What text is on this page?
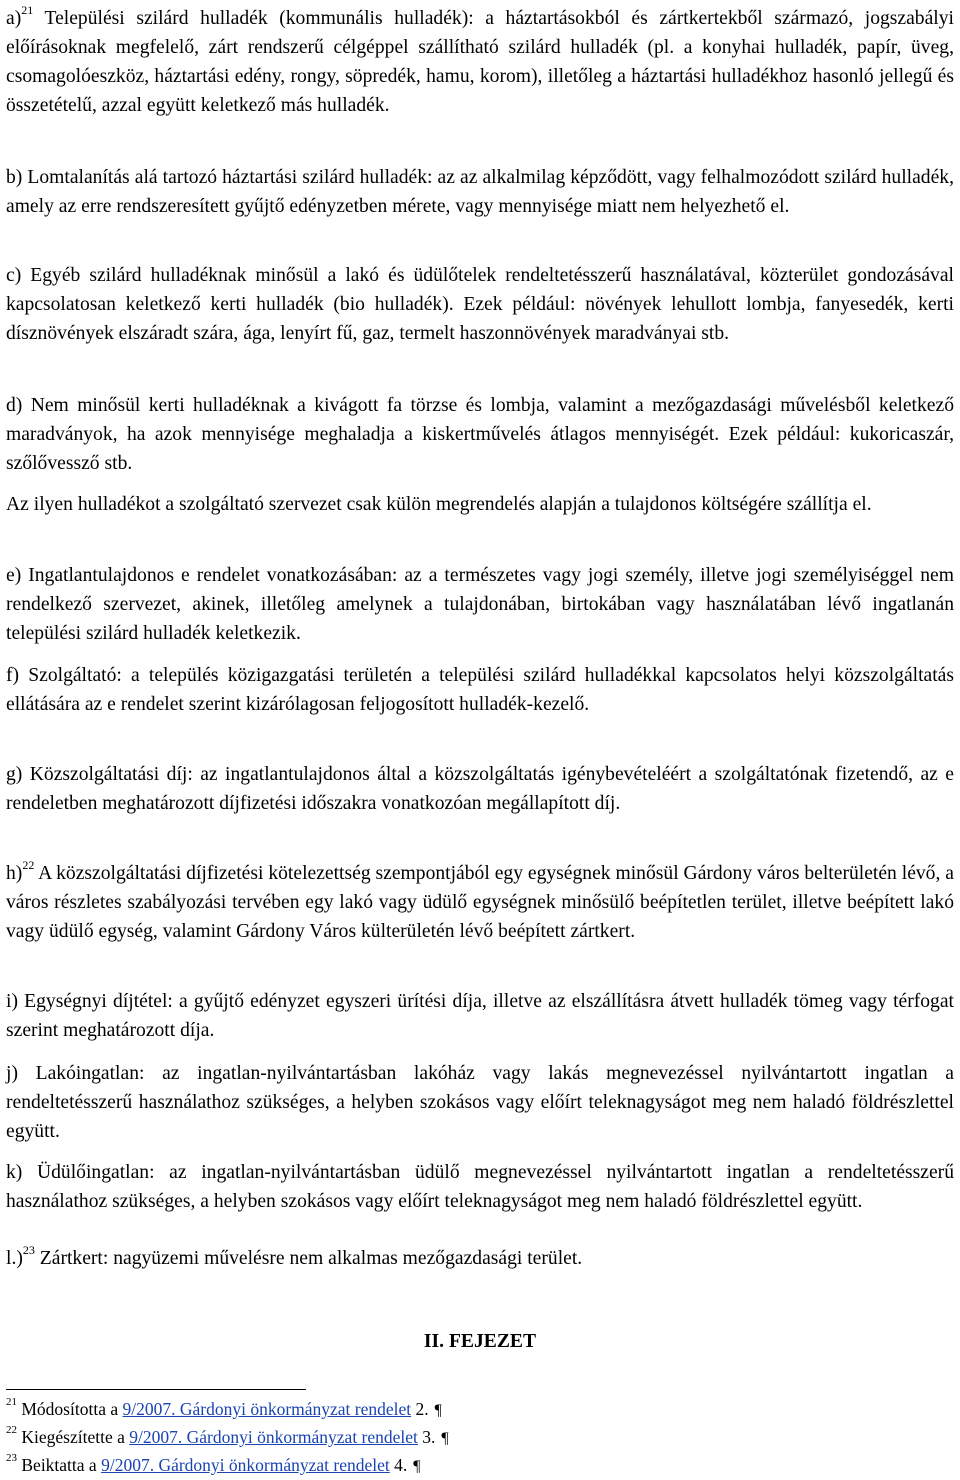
a)$^{21}$ Települési szilárd hulladék (kommunális hulladék): a háztartásokból és zártkertekből származó, jogszabályi előírásoknak megfelelő, zárt rendszerű célgéppel szállítható szilárd hulladék (pl. a konyhai hulladék, papír, üveg, csomagolóeszköz, háztartási edény, rongy, söpredék, hamu, korom), illetőleg a háztartási hulladékhoz hasonló jellegű és összetételű, azzal együtt keletkező más hulladék.

b) Lomtalanítás alá tartozó háztartási szilárd hulladék: az az alkalmilag képződött, vagy felhalmozódott szilárd hulladék, amely az erre rendszeresített gyűjtő edényzetben mérete, vagy mennyisége miatt nem helyezhető el.

c) Egyéb szilárd hulladéknak minősül a lakó és üdülőtelek rendeltetésszerű használatával, közterület gondozásával kapcsolatosan keletkező kerti hulladék (bio hulladék). Ezek például: növények lehullott lombja, fanyesedék, kerti dísznövények elszáradt szára, ága, lenyírt fű, gaz, termelt haszonnövények maradványai stb.

d) Nem minősül kerti hulladéknak a kivágott fa törzse és lombja, valamint a mezőgazdasági művelésből keletkező maradványok, ha azok mennyisége meghaladja a kiskertművelés átlagos mennyiségét. Ezek például: kukoricaszár, szőlővessző stb.

Az ilyen hulladékot a szolgáltató szervezet csak külön megrendelés alapján a tulajdonos költségére szállítja el.

e) Ingatlantulajdonos e rendelet vonatkozásában: az a természetes vagy jogi személy, illetve jogi személyiséggel nem rendelkező szervezet, akinek, illetőleg amelynek a tulajdonában, birtokában vagy használatában lévő ingatlanán települési szilárd hulladék keletkezik.

f) Szolgáltató: a település közigazgatási területén a települési szilárd hulladékkal kapcsolatos helyi közszolgáltatás ellátására az e rendelet szerint kizárólagosan feljogosított hulladék-kezelő.

g) Közszolgáltatási díj: az ingatlantulajdonos által a közszolgáltatás igénybevételéért a szolgáltatónak fizetendő, az e rendeletben meghatározott díjfizetési időszakra vonatkozóan megállapított díj.

h)$^{22}$ A közszolgáltatási díjfizetési kötelezettség szempontjából egy egységnek minősül Gárdony város belterületén lévő, a város részletes szabályozási tervében egy lakó vagy üdülő egységnek minősülő beépítetlen terület, illetve beépített lakó vagy üdülő egység, valamint Gárdony Város külterületén lévő beépített zártkert.

i) Egységnyi díjtétel: a gyűjtő edényzet egyszeri ürítési díja, illetve az elszállításra átvett hulladék tömeg vagy térfogat szerint meghatározott díja.

j) Lakóingatlan: az ingatlan-nyilvántartásban lakóház vagy lakás megnevezéssel nyilvántartott ingatlan a rendeltetésszerű használathoz szükséges, a helyben szokásos vagy előírt teleknagyságot meg nem haladó földrészlettel együtt.

k) Üdülőingatlan: az ingatlan-nyilvántartásban üdülő megnevezéssel nyilvántartott ingatlan a rendeltetésszerű használathoz szükséges, a helyben szokásos vagy előírt teleknagyságot meg nem haladó földrészlettel együtt.

l.)$^{23}$ Zártkert: nagyüzemi művelésre nem alkalmas mezőgazdasági terület.

II. FEJEZET

$^{21}$ Módosította a 9/2007. Gárdonyi önkormányzat rendelet 2. ¶

$^{22}$ Kiegészítette a 9/2007. Gárdonyi önkormányzat rendelet 3. ¶

$^{23}$ Beiktatta a 9/2007. Gárdonyi önkormányzat rendelet 4. ¶
